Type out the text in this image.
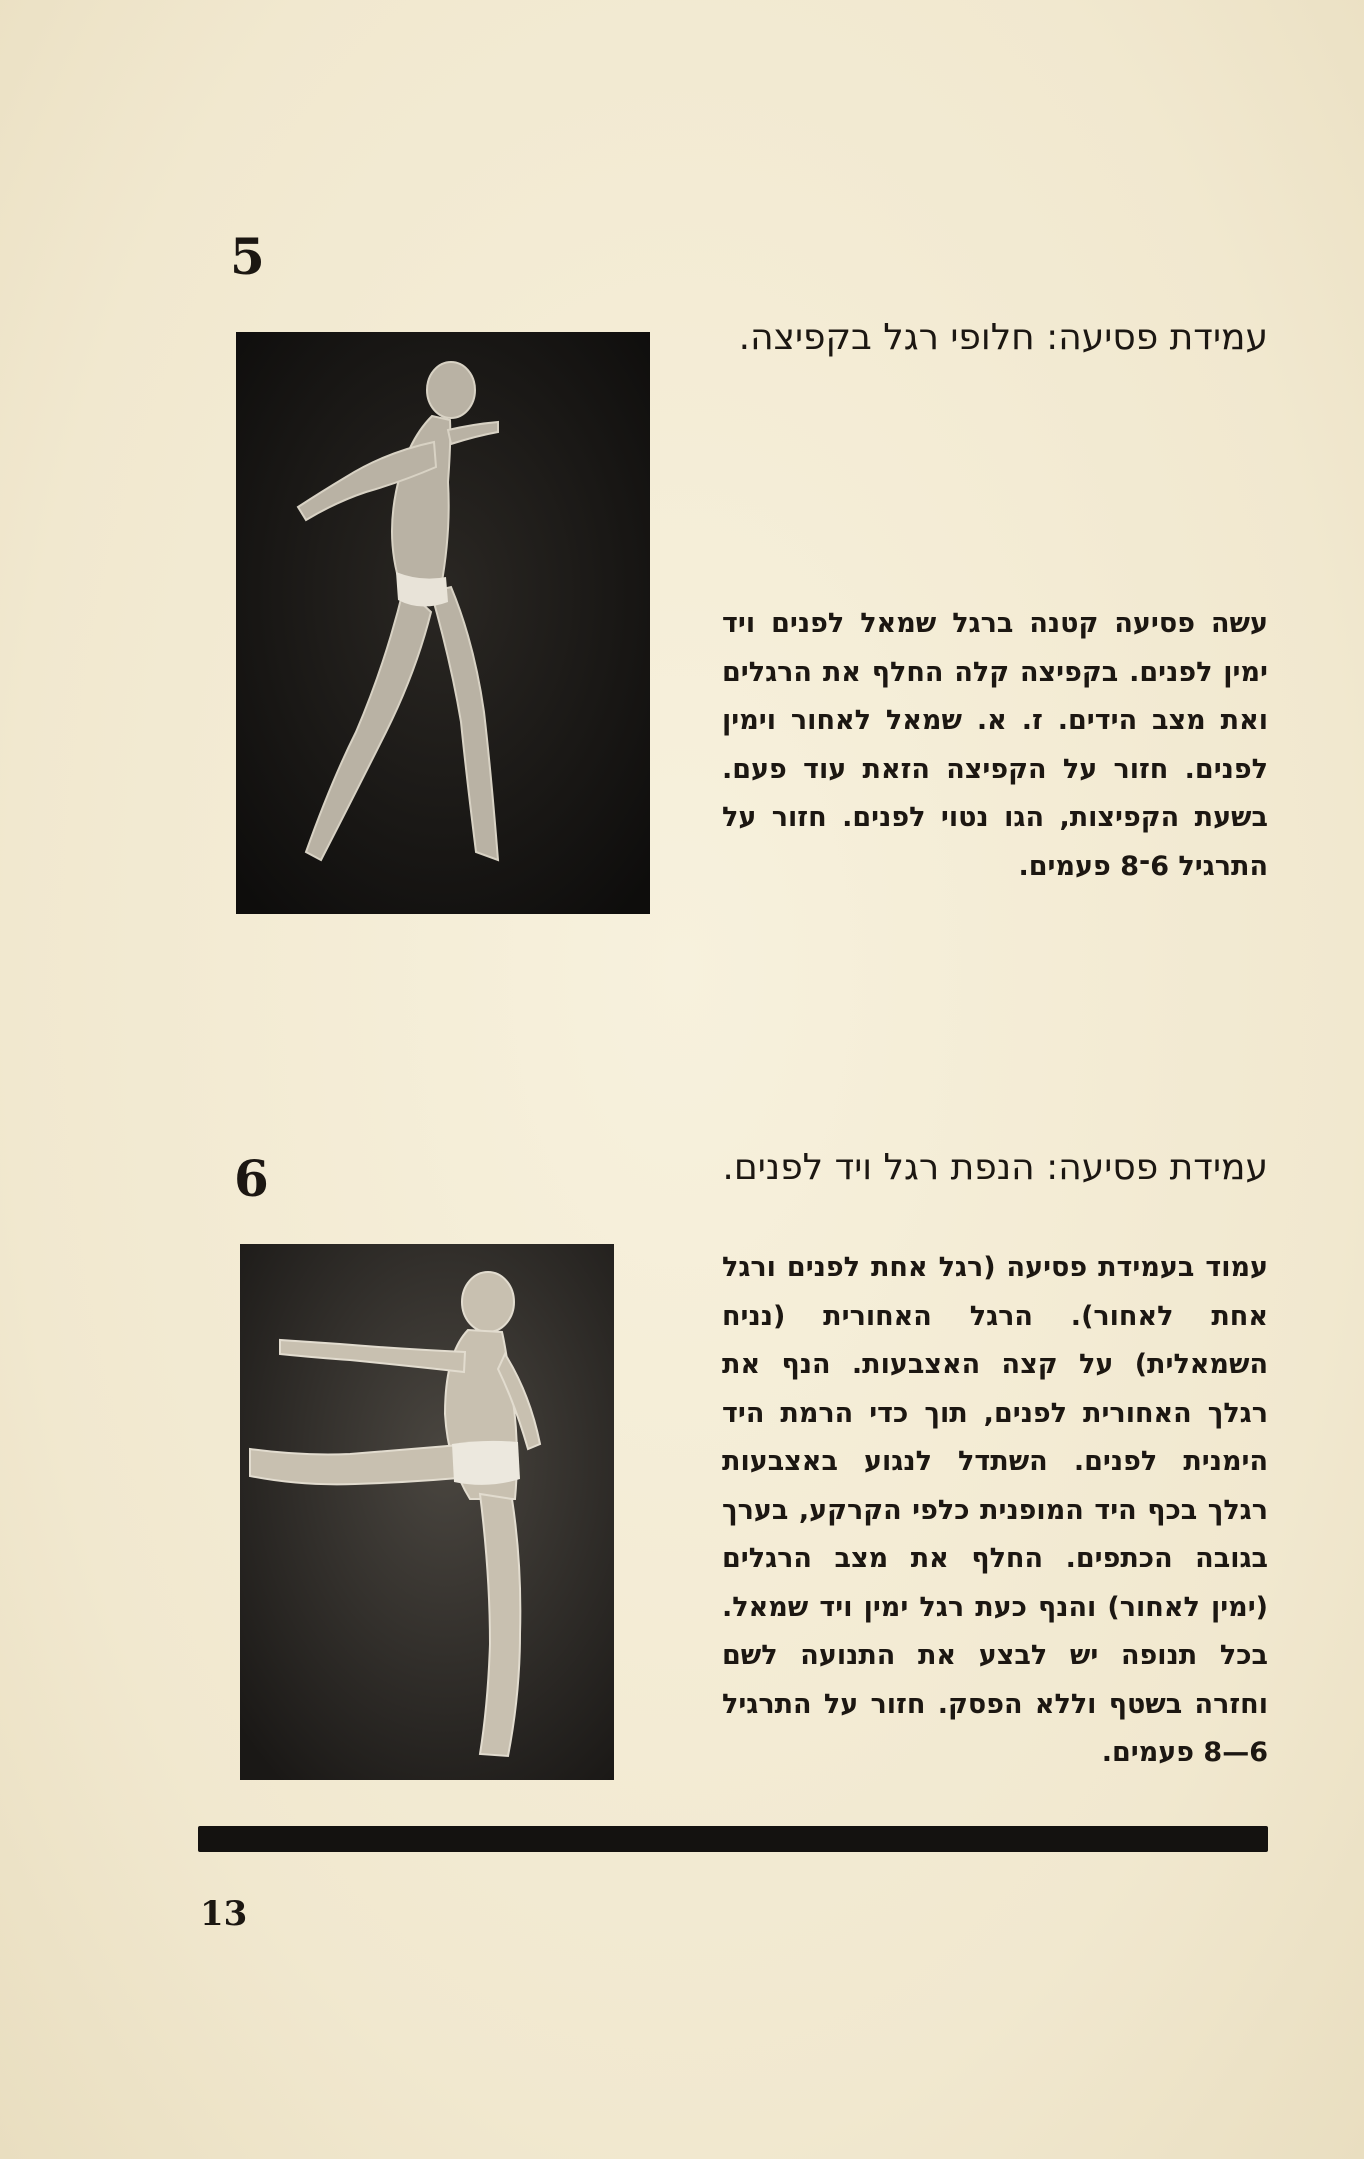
5

עמידת פסיעה: חלופי רגל בקפיצה.

עשה פסיעה קטנה ברגל שמאל לפנים ויד ימין לפנים. בקפיצה קלה החלף את הרגלים ואת מצב הידים. ז. א. שמאל לאחור וימין לפנים. חזור על הקפיצה הזאת עוד פעם. בשעת הקפיצות, הגו נטוי לפנים. חזור על התרגיל 6־8 פעמים.

6	עמידת פסיעה: הנפת רגל ויד לפנים.

עמוד בעמידת פסיעה (רגל אחת לפנים ורגל אחת לאחור). הרגל האחורית (נניח השמאלית) על קצה האצבעות. הנף את רגלך האחורית לפנים, תוך כדי הרמת היד הימנית לפנים. השתדל לנגוע באצבעות רגלך בכף היד המופנית כלפי הקרקע, בערך בגובה הכתפים. החלף את מצב הרגלים (ימין לאחור) והנף כעת רגל ימין ויד שמאל. בכל תנופה יש לבצע את התנועה לשם וחזרה בשטף וללא הפסק. חזור על התרגיל 6—8 פעמים.

13
